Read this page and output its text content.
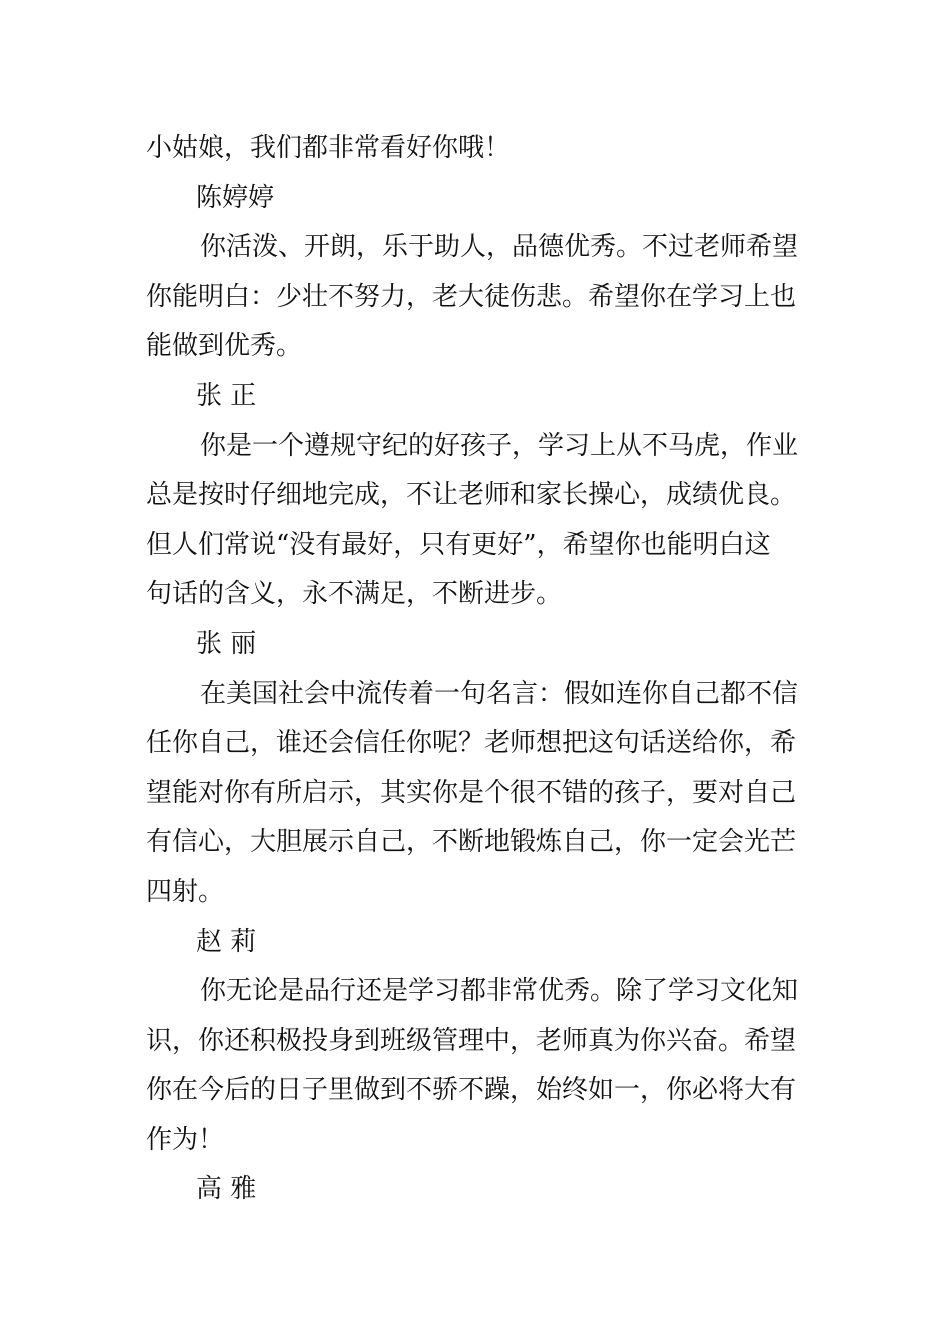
小姑娘，我们都非常看好你哦！
陈婷婷
你活泼、开朗，乐于助人，品德优秀。不过老师希望
你能明白：少壮不努力，老大徒伤悲。希望你在学习上也
能做到优秀。
张 正
你是一个遵规守纪的好孩子，学习上从不马虎，作业
总是按时仔细地完成，不让老师和家长操心，成绩优良。
但人们常说“没有最好，只有更好”，希望你也能明白这
句话的含义，永不满足，不断进步。
张 丽
在美国社会中流传着一句名言：假如连你自己都不信
任你自己，谁还会信任你呢？老师想把这句话送给你，希
望能对你有所启示，其实你是个很不错的孩子，要对自己
有信心，大胆展示自己，不断地锻炼自己，你一定会光芒
四射。
赵 莉
你无论是品行还是学习都非常优秀。除了学习文化知
识，你还积极投身到班级管理中，老师真为你兴奋。希望
你在今后的日子里做到不骄不躁，始终如一，你必将大有
作为！
高 雅
